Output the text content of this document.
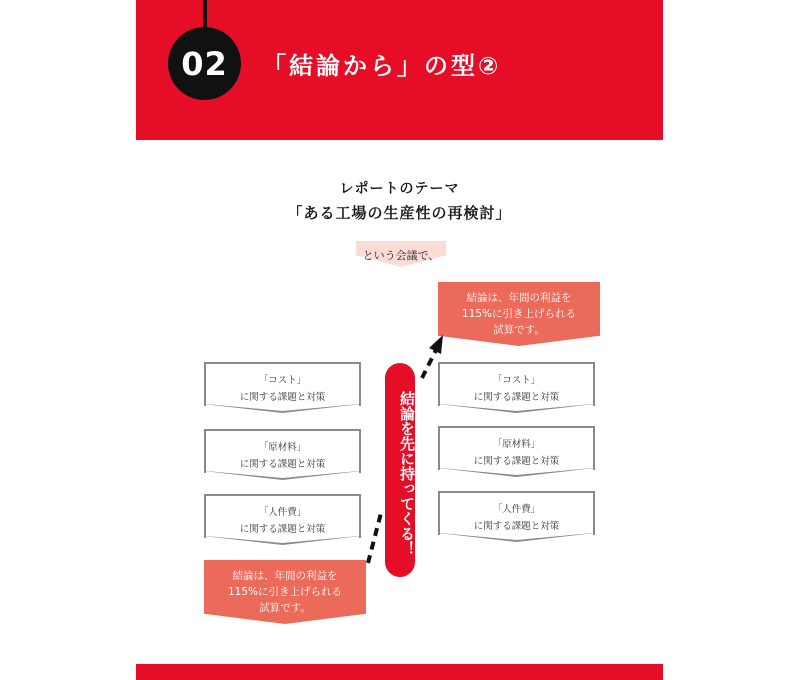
02 「結論から」の型②
レポートのテーマ
「ある工場の生産性の再検討」
という会議で、
結論は、年間の利益を
115%に引き上げられる
試算です。
「コスト」
に関する課題と対策
「原材料」
に関する課題と対策
「人件費」
に関する課題と対策
「コスト」
に関する課題と対策
「原材料」
に関する課題と対策
「人件費」
に関する課題と対策
結論は、年間の利益を
115%に引き上げられる
試算です。
結論を先に持ってくる！
